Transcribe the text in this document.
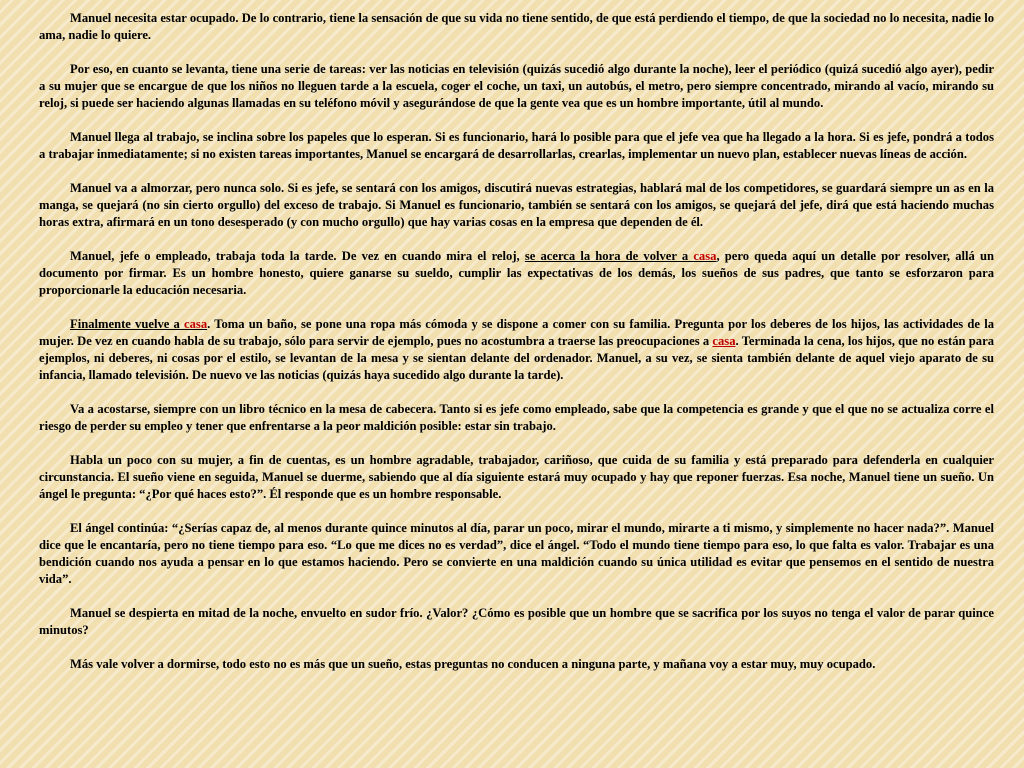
Manuel necesita estar ocupado. De lo contrario, tiene la sensación de que su vida no tiene sentido, de que está perdiendo el tiempo, de que la sociedad no lo necesita, nadie lo ama, nadie lo quiere.

Por eso, en cuanto se levanta, tiene una serie de tareas: ver las noticias en televisión (quizás sucedió algo durante la noche), leer el periódico (quizá sucedió algo ayer), pedir a su mujer que se encargue de que los niños no lleguen tarde a la escuela, coger el coche, un taxi, un autobús, el metro, pero siempre concentrado, mirando al vacío, mirando su reloj, si puede ser haciendo algunas llamadas en su teléfono móvil y asegurándose de que la gente vea que es un hombre importante, útil al mundo.

Manuel llega al trabajo, se inclina sobre los papeles que lo esperan. Si es funcionario, hará lo posible para que el jefe vea que ha llegado a la hora. Si es jefe, pondrá a todos a trabajar inmediatamente; si no existen tareas importantes, Manuel se encargará de desarrollarlas, crearlas, implementar un nuevo plan, establecer nuevas líneas de acción.

Manuel va a almorzar, pero nunca solo. Si es jefe, se sentará con los amigos, discutirá nuevas estrategias, hablará mal de los competidores, se guardará siempre un as en la manga, se quejará (no sin cierto orgullo) del exceso de trabajo. Si Manuel es funcionario, también se sentará con los amigos, se quejará del jefe, dirá que está haciendo muchas horas extra, afirmará en un tono desesperado (y con mucho orgullo) que hay varias cosas en la empresa que dependen de él.

Manuel, jefe o empleado, trabaja toda la tarde. De vez en cuando mira el reloj, se acerca la hora de volver a casa, pero queda aquí un detalle por resolver, allá un documento por firmar. Es un hombre honesto, quiere ganarse su sueldo, cumplir las expectativas de los demás, los sueños de sus padres, que tanto se esforzaron para proporcionarle la educación necesaria.

Finalmente vuelve a casa. Toma un baño, se pone una ropa más cómoda y se dispone a comer con su familia. Pregunta por los deberes de los hijos, las actividades de la mujer. De vez en cuando habla de su trabajo, sólo para servir de ejemplo, pues no acostumbra a traerse las preocupaciones a casa. Terminada la cena, los hijos, que no están para ejemplos, ni deberes, ni cosas por el estilo, se levantan de la mesa y se sientan delante del ordenador. Manuel, a su vez, se sienta también delante de aquel viejo aparato de su infancia, llamado televisión. De nuevo ve las noticias (quizás haya sucedido algo durante la tarde).

Va a acostarse, siempre con un libro técnico en la mesa de cabecera. Tanto si es jefe como empleado, sabe que la competencia es grande y que el que no se actualiza corre el riesgo de perder su empleo y tener que enfrentarse a la peor maldición posible: estar sin trabajo.

Habla un poco con su mujer, a fin de cuentas, es un hombre agradable, trabajador, cariñoso, que cuida de su familia y está preparado para defenderla en cualquier circunstancia. El sueño viene en seguida, Manuel se duerme, sabiendo que al día siguiente estará muy ocupado y hay que reponer fuerzas. Esa noche, Manuel tiene un sueño. Un ángel le pregunta: “¿Por qué haces esto?”. Él responde que es un hombre responsable.

El ángel continúa: “¿Serías capaz de, al menos durante quince minutos al día, parar un poco, mirar el mundo, mirarte a ti mismo, y simplemente no hacer nada?”. Manuel dice que le encantaría, pero no tiene tiempo para eso. “Lo que me dices no es verdad”, dice el ángel. “Todo el mundo tiene tiempo para eso, lo que falta es valor. Trabajar es una bendición cuando nos ayuda a pensar en lo que estamos haciendo. Pero se convierte en una maldición cuando su única utilidad es evitar que pensemos en el sentido de nuestra vida”.

Manuel se despierta en mitad de la noche, envuelto en sudor frío. ¿Valor? ¿Cómo es posible que un hombre que se sacrifica por los suyos no tenga el valor de parar quince minutos?

Más vale volver a dormirse, todo esto no es más que un sueño, estas preguntas no conducen a ninguna parte, y mañana voy a estar muy, muy ocupado.
